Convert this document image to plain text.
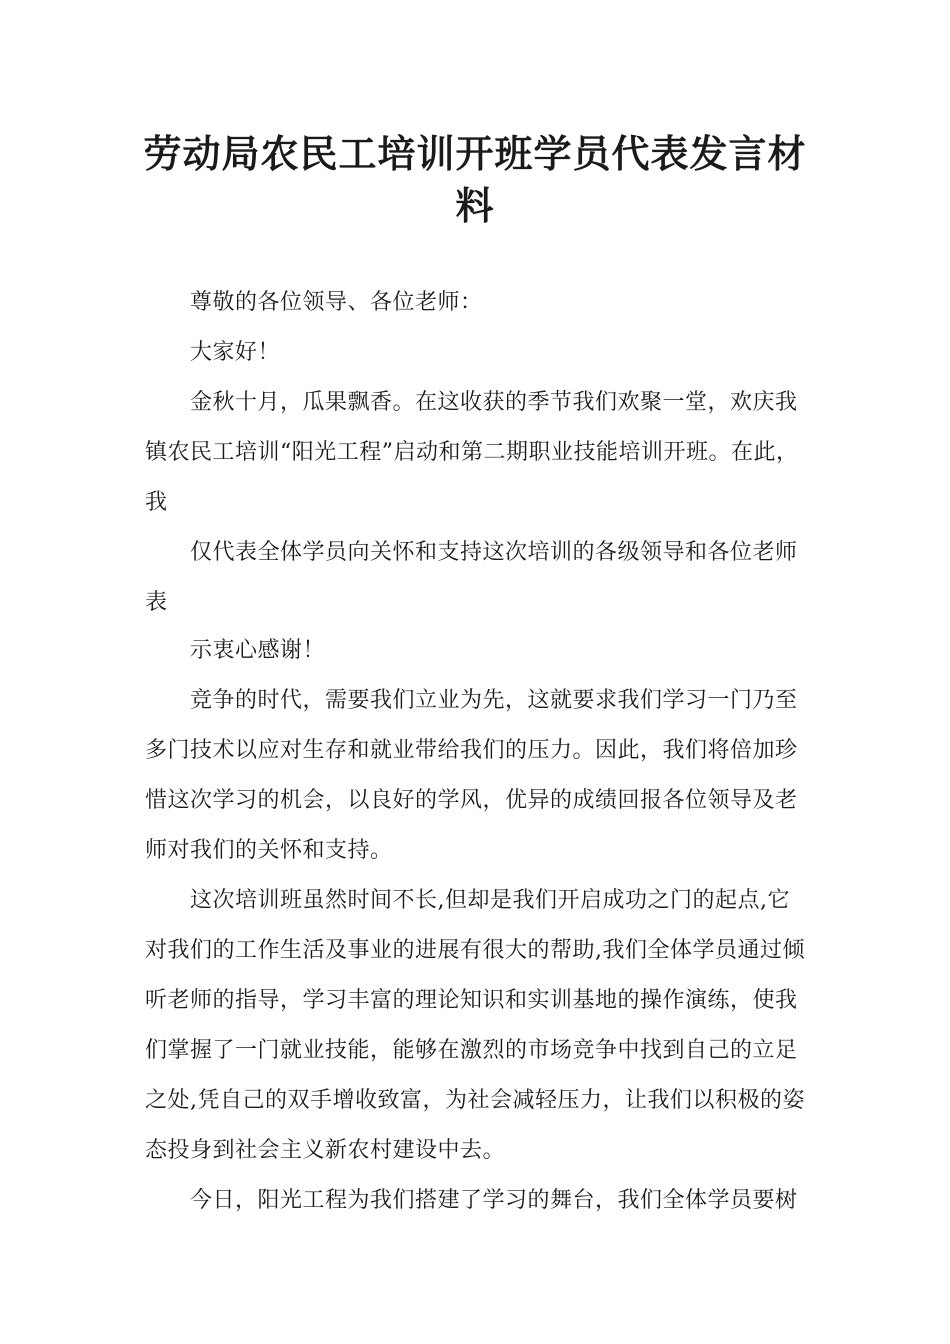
劳动局农民工培训开班学员代表发言材
料
尊敬的各位领导、各位老师：
大家好！
金秋十月，瓜果飘香。在这收获的季节我们欢聚一堂，欢庆我
镇农民工培训“阳光工程”启动和第二期职业技能培训开班。在此，
我
仅代表全体学员向关怀和支持这次培训的各级领导和各位老师
表
示衷心感谢！
竞争的时代，需要我们立业为先，这就要求我们学习一门乃至
多门技术以应对生存和就业带给我们的压力。因此，我们将倍加珍
惜这次学习的机会，以良好的学风，优异的成绩回报各位领导及老
师对我们的关怀和支持。
这次培训班虽然时间不长,但却是我们开启成功之门的起点,它
对我们的工作生活及事业的进展有很大的帮助,我们全体学员通过倾
听老师的指导，学习丰富的理论知识和实训基地的操作演练，使我
们掌握了一门就业技能，能够在激烈的市场竞争中找到自己的立足
之处,凭自己的双手增收致富，为社会减轻压力，让我们以积极的姿
态投身到社会主义新农村建设中去。
今日，阳光工程为我们搭建了学习的舞台，我们全体学员要树
